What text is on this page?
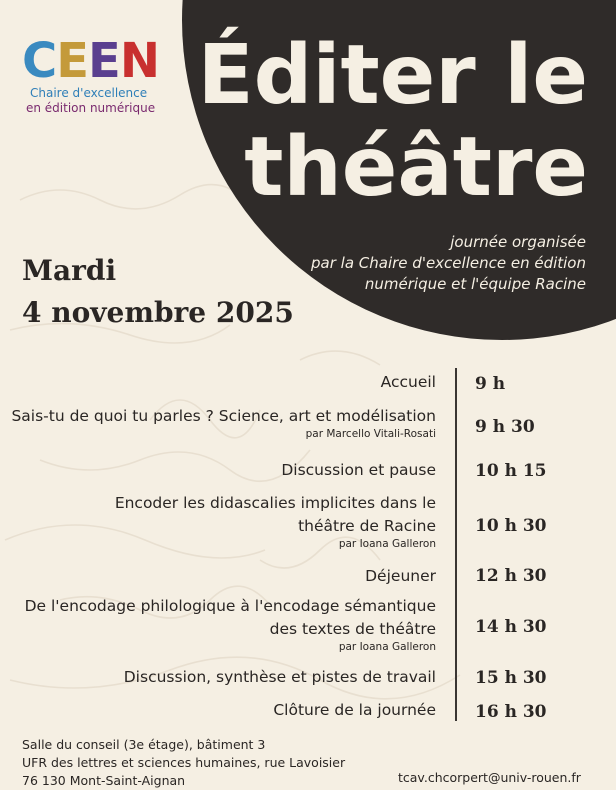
CEEN
Chaire d'excellence
en édition numérique Éditer le
théâtre
journée organisée
par la Chaire d'excellence en édition
numérique et l'équipe Racine
Mardi
4 novembre 2025
Accueil 9 h
Sais-tu de quoi tu parles ? Science, art et modélisation
par Marcello Vitali-Rosati 9 h 30
Discussion et pause 10 h 15
Encoder les didascalies implicites dans le
théâtre de Racine
par Ioana Galleron
10 h 30
Déjeuner 12 h 30
De l'encodage philologique à l'encodage sémantique
des textes de théâtre
par Ioana Galleron
14 h 30
Discussion, synthèse et pistes de travail 15 h 30
Clôture de la journée 16 h 30
Salle du conseil (3e étage), bâtiment 3
UFR des lettres et sciences humaines, rue Lavoisier
76 130 Mont-Saint-Aignan	tcav.chcorpert@univ-rouen.fr
